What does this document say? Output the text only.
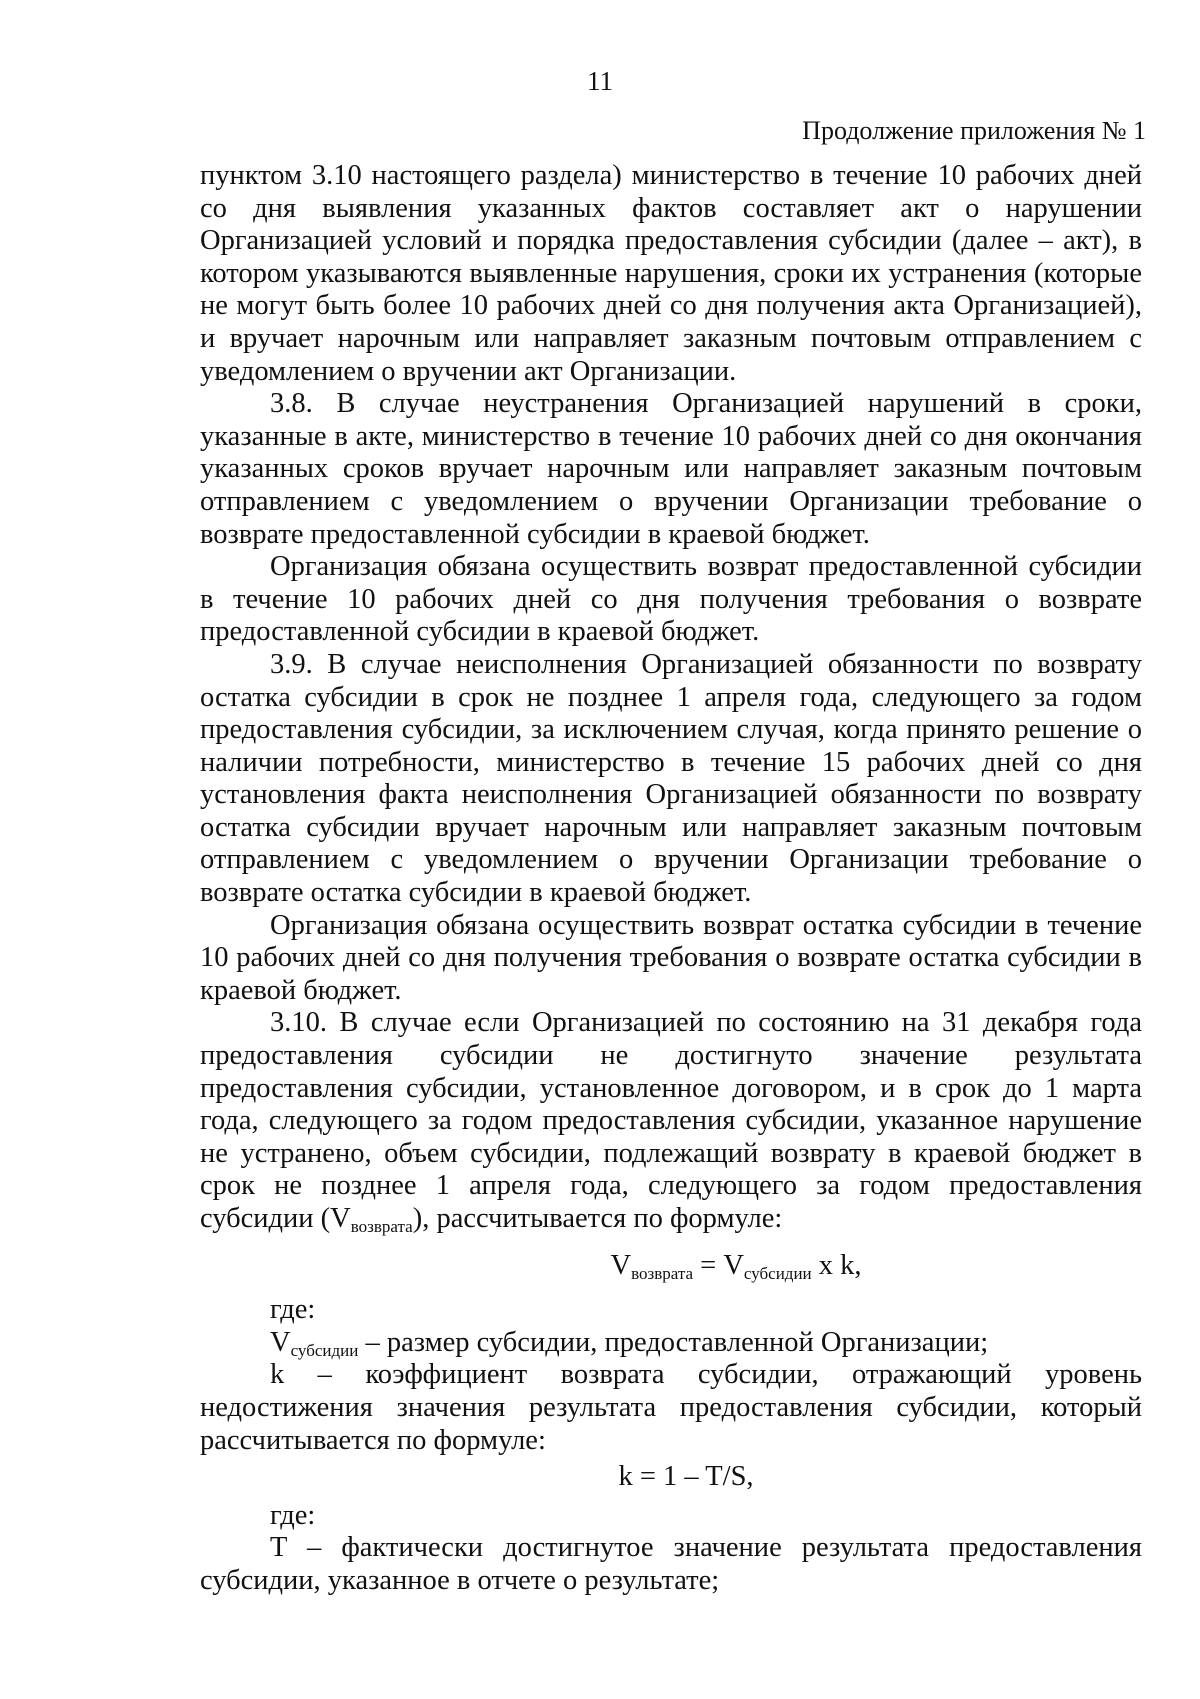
11
Продолжение приложения № 1

пунктом 3.10 настоящего раздела) министерство в течение 10 рабочих дней со дня выявления указанных фактов составляет акт о нарушении Организацией условий и порядка предоставления субсидии (далее – акт), в котором указываются выявленные нарушения, сроки их устранения (которые не могут быть более 10 рабочих дней со дня получения акта Организацией), и вручает нарочным или направляет заказным почтовым отправлением с уведомлением о вручении акт Организации.

3.8. В случае неустранения Организацией нарушений в сроки, указанные в акте, министерство в течение 10 рабочих дней со дня окончания указанных сроков вручает нарочным или направляет заказным почтовым отправлением с уведомлением о вручении Организации требование о возврате предоставленной субсидии в краевой бюджет.

Организация обязана осуществить возврат предоставленной субсидии в течение 10 рабочих дней со дня получения требования о возврате предоставленной субсидии в краевой бюджет.

3.9. В случае неисполнения Организацией обязанности по возврату остатка субсидии в срок не позднее 1 апреля года, следующего за годом предоставления субсидии, за исключением случая, когда принято решение о наличии потребности, министерство в течение 15 рабочих дней со дня установления факта неисполнения Организацией обязанности по возврату остатка субсидии вручает нарочным или направляет заказным почтовым отправлением с уведомлением о вручении Организации требование о возврате остатка субсидии в краевой бюджет.

Организация обязана осуществить возврат остатка субсидии в течение 10 рабочих дней со дня получения требования о возврате остатка субсидии в краевой бюджет.

3.10. В случае если Организацией по состоянию на 31 декабря года предоставления субсидии не достигнуто значение результата предоставления субсидии, установленное договором, и в срок до 1 марта года, следующего за годом предоставления субсидии, указанное нарушение не устранено, объем субсидии, подлежащий возврату в краевой бюджет в срок не позднее 1 апреля года, следующего за годом предоставления субсидии $(V_{возврата})$, рассчитывается по формуле:

$V_{возврата} = V_{субсидии}$ x k,

где:

$V_{субсидии}$ – размер субсидии, предоставленной Организации;

k – коэффициент возврата субсидии, отражающий уровень недостижения значения результата предоставления субсидии, который рассчитывается по формуле:

k = 1 – T/S,

где:

T – фактически достигнутое значение результата предоставления субсидии, указанное в отчете о результате;
